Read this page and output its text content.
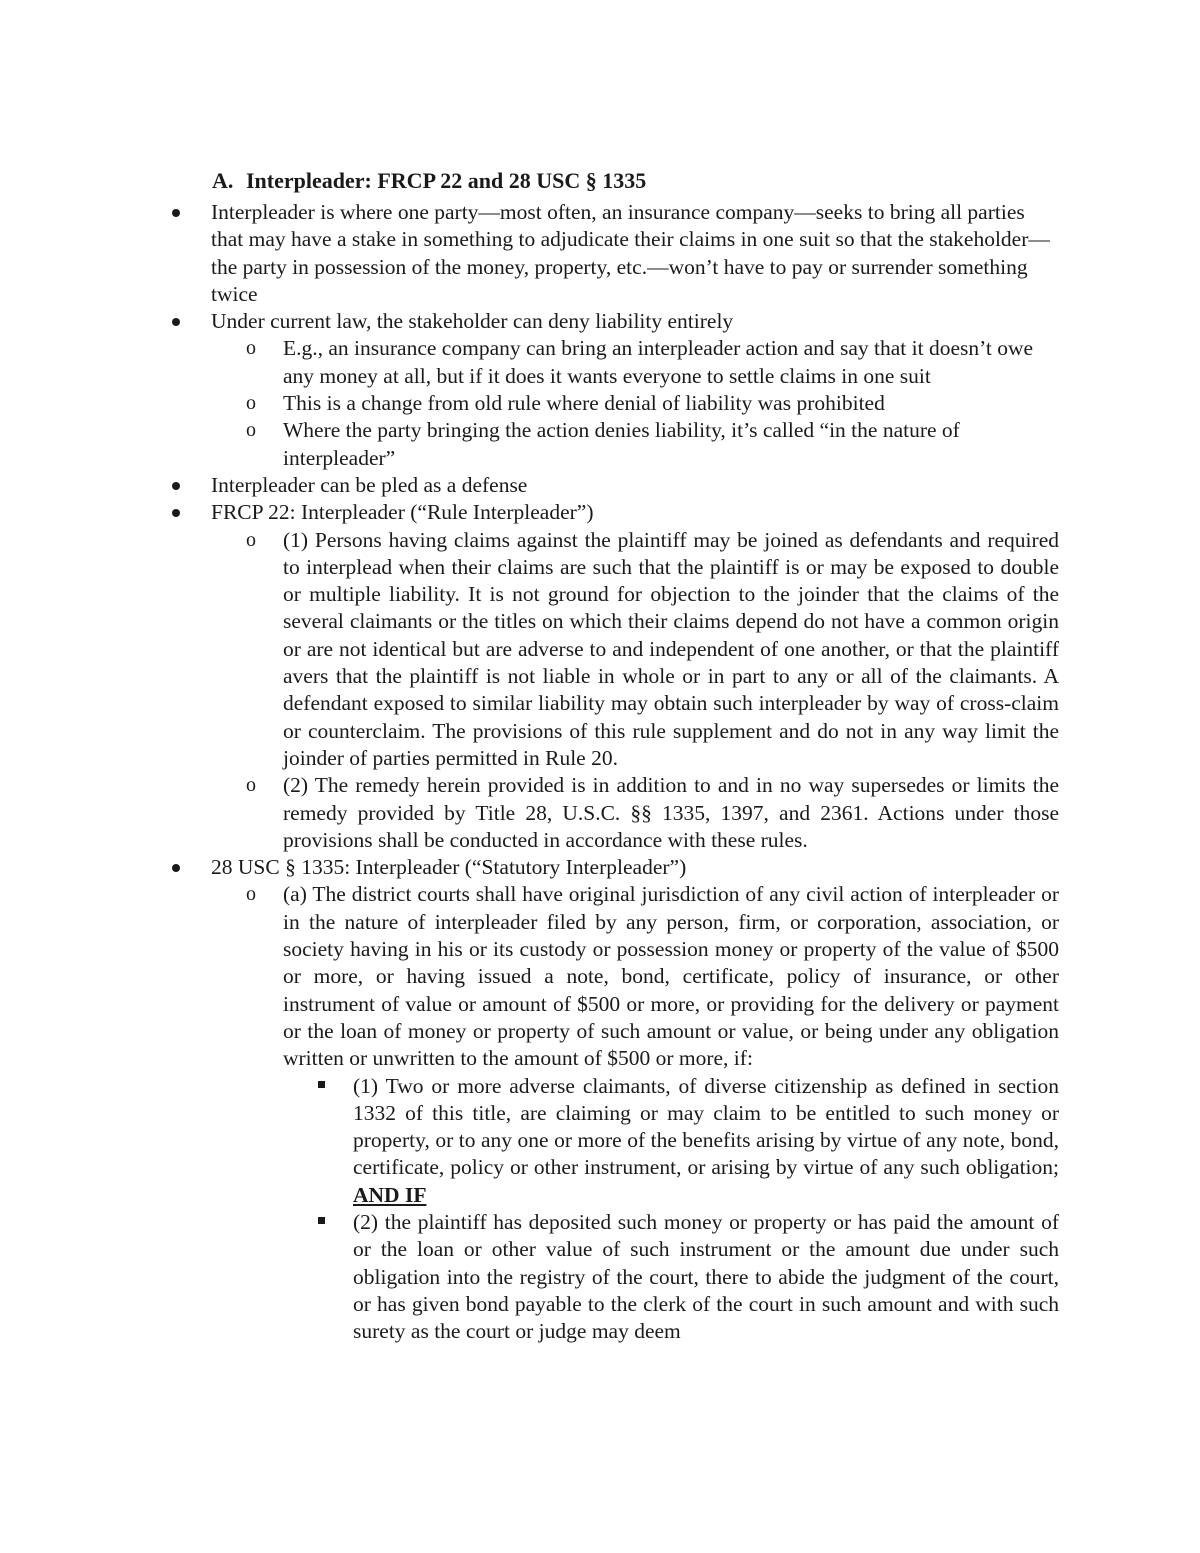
A. Interpleader: FRCP 22 and 28 USC § 1335
Interpleader is where one party—most often, an insurance company—seeks to bring all parties that may have a stake in something to adjudicate their claims in one suit so that the stakeholder—the party in possession of the money, property, etc.—won’t have to pay or surrender something twice
Under current law, the stakeholder can deny liability entirely
o E.g., an insurance company can bring an interpleader action and say that it doesn’t owe any money at all, but if it does it wants everyone to settle claims in one suit
o This is a change from old rule where denial of liability was prohibited
o Where the party bringing the action denies liability, it’s called “in the nature of interpleader”
Interpleader can be pled as a defense
FRCP 22: Interpleader (“Rule Interpleader”)
o (1) Persons having claims against the plaintiff may be joined as defendants and required to interplead when their claims are such that the plaintiff is or may be exposed to double or multiple liability. It is not ground for objection to the joinder that the claims of the several claimants or the titles on which their claims depend do not have a common origin or are not identical but are adverse to and independent of one another, or that the plaintiff avers that the plaintiff is not liable in whole or in part to any or all of the claimants. A defendant exposed to similar liability may obtain such interpleader by way of cross-claim or counterclaim. The provisions of this rule supplement and do not in any way limit the joinder of parties permitted in Rule 20.
o (2) The remedy herein provided is in addition to and in no way supersedes or limits the remedy provided by Title 28, U.S.C. §§ 1335, 1397, and 2361. Actions under those provisions shall be conducted in accordance with these rules.
28 USC § 1335: Interpleader (“Statutory Interpleader”)
o (a) The district courts shall have original jurisdiction of any civil action of interpleader or in the nature of interpleader filed by any person, firm, or corporation, association, or society having in his or its custody or possession money or property of the value of $500 or more, or having issued a note, bond, certificate, policy of insurance, or other instrument of value or amount of $500 or more, or providing for the delivery or payment or the loan of money or property of such amount or value, or being under any obligation written or unwritten to the amount of $500 or more, if:
(1) Two or more adverse claimants, of diverse citizenship as defined in section 1332 of this title, are claiming or may claim to be entitled to such money or property, or to any one or more of the benefits arising by virtue of any note, bond, certificate, policy or other instrument, or arising by virtue of any such obligation; AND IF
(2) the plaintiff has deposited such money or property or has paid the amount of or the loan or other value of such instrument or the amount due under such obligation into the registry of the court, there to abide the judgment of the court, or has given bond payable to the clerk of the court in such amount and with such surety as the court or judge may deem
